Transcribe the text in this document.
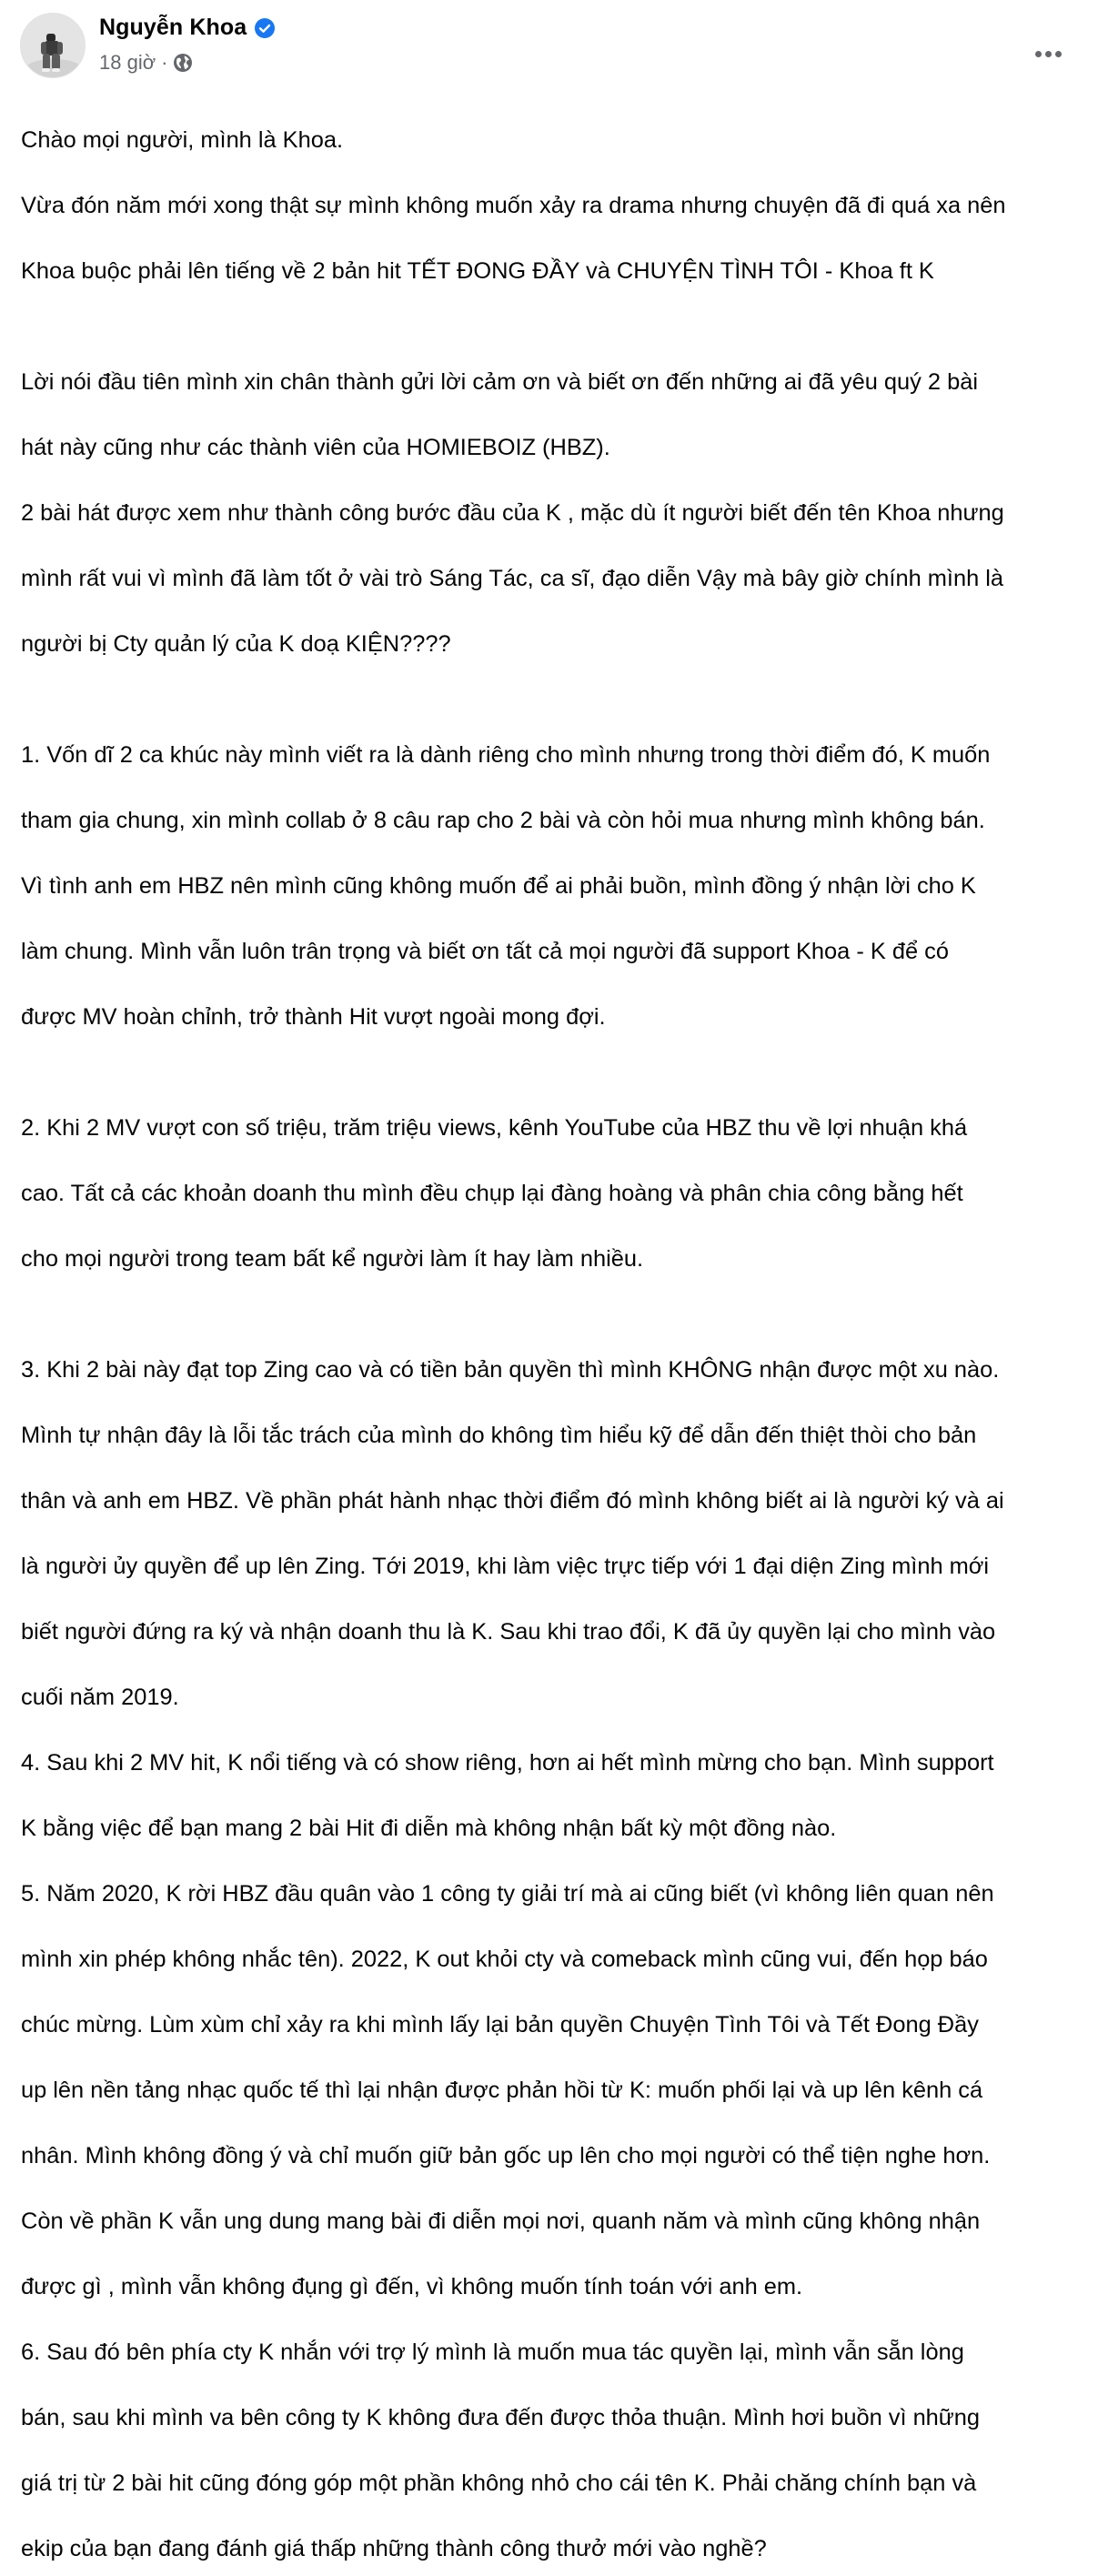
Nguyễn Khoa
18 giờ ·

Chào mọi người, mình là Khoa.

Vừa đón năm mới xong thật sự mình không muốn xảy ra drama nhưng chuyện đã đi quá xa nên

Khoa buộc phải lên tiếng về 2 bản hit TẾT ĐONG ĐẦY và CHUYỆN TÌNH TÔI - Khoa ft K

Lời nói đầu tiên mình xin chân thành gửi lời cảm ơn và biết ơn đến những ai đã yêu quý 2 bài

hát này cũng như các thành viên của HOMIEBOIZ (HBZ).

2 bài hát được xem như thành công bước đầu của K , mặc dù ít người biết đến tên Khoa nhưng

mình rất vui vì mình đã làm tốt ở vài trò Sáng Tác, ca sĩ, đạo diễn Vậy mà bây giờ chính mình là

người bị Cty quản lý của K doạ KIỆN????

1. Vốn dĩ 2 ca khúc này mình viết ra là dành riêng cho mình nhưng trong thời điểm đó, K muốn

tham gia chung, xin mình collab ở 8 câu rap cho 2 bài và còn hỏi mua nhưng mình không bán.

Vì tình anh em HBZ nên mình cũng không muốn để ai phải buồn, mình đồng ý nhận lời cho K

làm chung. Mình vẫn luôn trân trọng và biết ơn tất cả mọi người đã support Khoa - K để có

được MV hoàn chỉnh, trở thành Hit vượt ngoài mong đợi.

2. Khi 2 MV vượt con số triệu, trăm triệu views, kênh YouTube của HBZ thu về lợi nhuận khá

cao. Tất cả các khoản doanh thu mình đều chụp lại đàng hoàng và phân chia công bằng hết

cho mọi người trong team bất kể người làm ít hay làm nhiều.

3. Khi 2 bài này đạt top Zing cao và có tiền bản quyền thì mình KHÔNG nhận được một xu nào.

Mình tự nhận đây là lỗi tắc trách của mình do không tìm hiểu kỹ để dẫn đến thiệt thòi cho bản

thân và anh em HBZ. Về phần phát hành nhạc thời điểm đó mình không biết ai là người ký và ai

là người ủy quyền để up lên Zing. Tới 2019, khi làm việc trực tiếp với 1 đại diện Zing mình mới

biết người đứng ra ký và nhận doanh thu là K. Sau khi trao đổi, K đã ủy quyền lại cho mình vào

cuối năm 2019.

4. Sau khi 2 MV hit, K nổi tiếng và có show riêng, hơn ai hết mình mừng cho bạn. Mình support

K bằng việc để bạn mang 2 bài Hit đi diễn mà không nhận bất kỳ một đồng nào.

5. Năm 2020, K rời HBZ đầu quân vào 1 công ty giải trí mà ai cũng biết (vì không liên quan nên

mình xin phép không nhắc tên). 2022, K out khỏi cty và comeback mình cũng vui, đến họp báo

chúc mừng. Lùm xùm chỉ xảy ra khi mình lấy lại bản quyền Chuyện Tình Tôi và Tết Đong Đầy

up lên nền tảng nhạc quốc tế thì lại nhận được phản hồi từ K: muốn phối lại và up lên kênh cá

nhân. Mình không đồng ý và chỉ muốn giữ bản gốc up lên cho mọi người có thể tiện nghe hơn.

Còn về phần K vẫn ung dung mang bài đi diễn mọi nơi, quanh năm và mình cũng không nhận

được gì , mình vẫn không đụng gì đến, vì không muốn tính toán với anh em.

6. Sau đó bên phía cty K nhắn với trợ lý mình là muốn mua tác quyền lại, mình vẫn sẵn lòng

bán, sau khi mình va bên công ty K không đưa đến được thỏa thuận. Mình hơi buồn vì những

giá trị từ 2 bài hit cũng đóng góp một phần không nhỏ cho cái tên K. Phải chăng chính bạn và

ekip của bạn đang đánh giá thấp những thành công thưở mới vào nghề?
